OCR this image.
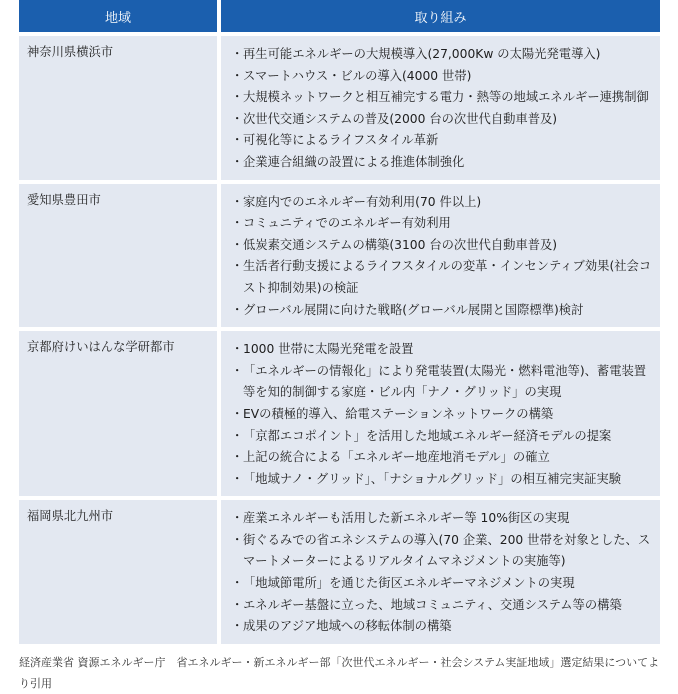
地域	取り組み
神奈川県横浜市	・ 再生可能エネルギーの大規模導入(27,000Kw の太陽光発電導入)
・ スマートハウス・ビルの導入(4000 世帯)
・ 大規模ネットワークと相互補完する電力・熱等の地域エネルギー連携制御
・ 次世代交通システムの普及(2000 台の次世代自動車普及)
・ 可視化等によるライフスタイル革新
・ 企業連合組織の設置による推進体制強化
愛知県豊田市	・ 家庭内でのエネルギー有効利用(70 件以上)
・ コミュニティでのエネルギー有効利用
・ 低炭素交通システムの構築(3100 台の次世代自動車普及)
・ 生活者行動支援によるライフスタイルの変革・インセンティブ効果(社会コスト抑制効果)の検証
・ グローバル展開に向けた戦略(グローバル展開と国際標準)検討
京都府けいはんな学研都市	・ 1000 世帯に太陽光発電を設置
・ 「エネルギーの情報化」により発電装置(太陽光・燃料電池等)、蓄電装置等を知的制御する家庭・ビル内「ナノ・グリッド」の実現
・ EVの積極的導入、給電ステーションネットワークの構築
・ 「京都エコポイント」を活用した地域エネルギー経済モデルの提案
・ 上記の統合による「エネルギー地産地消モデル」の確立
・ 「地域ナノ・グリッド」、「ナショナルグリッド」の相互補完実証実験
福岡県北九州市	・ 産業エネルギーも活用した新エネルギー等 10%街区の実現
・ 街ぐるみでの省エネシステムの導入(70 企業、200 世帯を対象とした、スマートメーターによるリアルタイムマネジメントの実施等)
・ 「地域節電所」を通じた街区エネルギーマネジメントの実現
・ エネルギー基盤に立った、地域コミュニティ、交通システム等の構築
・ 成果のアジア地域への移転体制の構築
経済産業省 資源エネルギー庁　省エネルギー・新エネルギー部「次世代エネルギー・社会システム実証地域」選定結果についてより引用
